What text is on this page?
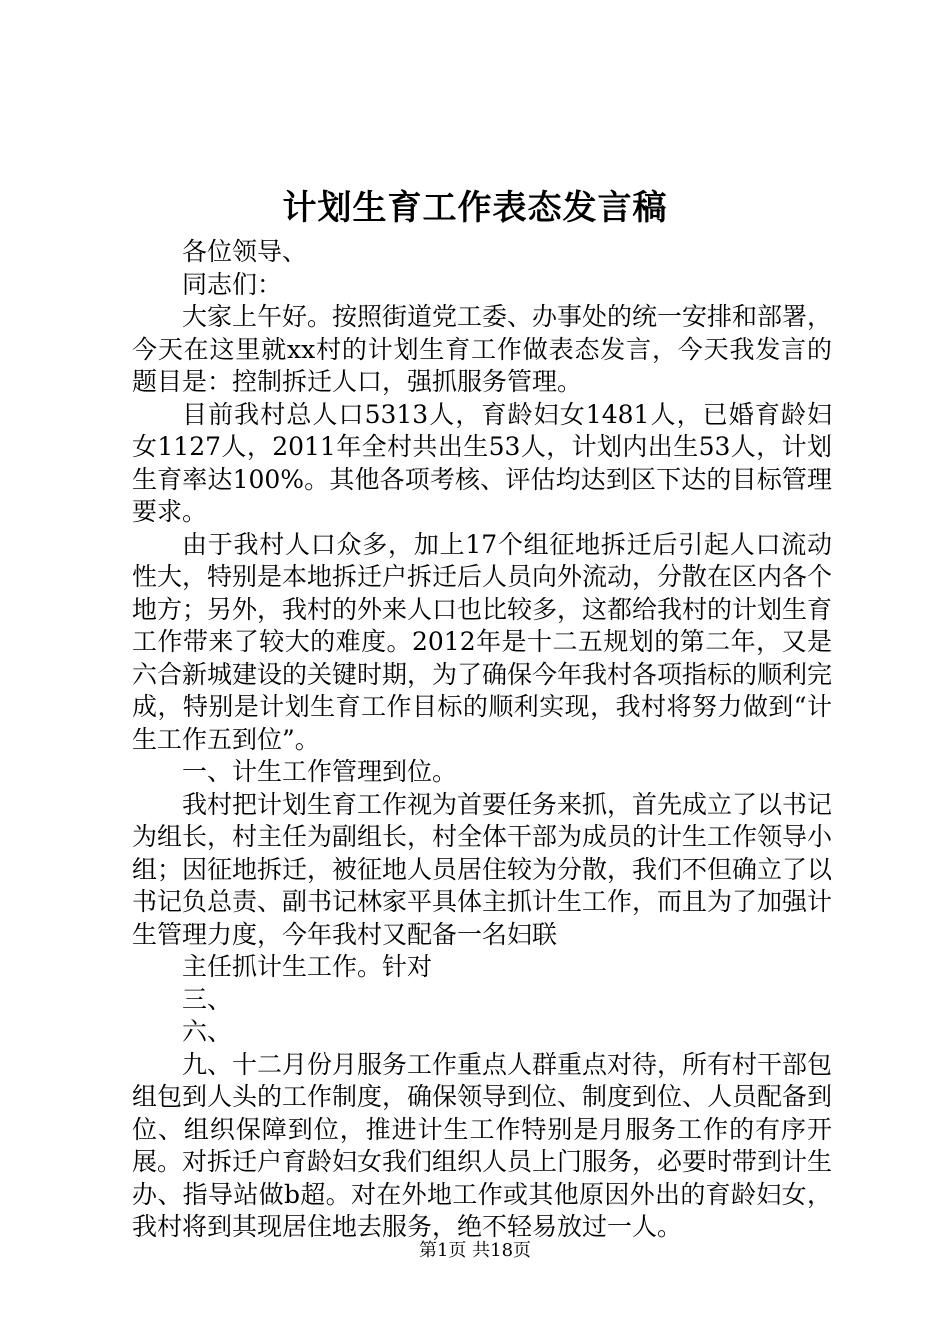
计划生育工作表态发言稿

各位领导、

同志们：

大家上午好。按照街道党工委、办事处的统一安排和部署，今天在这里就xx村的计划生育工作做表态发言，今天我发言的题目是：控制拆迁人口，强抓服务管理。

目前我村总人口5313人，育龄妇女1481人，已婚育龄妇女1127人，2011年全村共出生53人，计划内出生53人，计划生育率达100%。其他各项考核、评估均达到区下达的目标管理要求。

由于我村人口众多，加上17个组征地拆迁后引起人口流动性大，特别是本地拆迁户拆迁后人员向外流动，分散在区内各个地方；另外，我村的外来人口也比较多，这都给我村的计划生育工作带来了较大的难度。2012年是十二五规划的第二年，又是六合新城建设的关键时期，为了确保今年我村各项指标的顺利完成，特别是计划生育工作目标的顺利实现，我村将努力做到“计生工作五到位”。

一、计生工作管理到位。

我村把计划生育工作视为首要任务来抓，首先成立了以书记为组长，村主任为副组长，村全体干部为成员的计生工作领导小组；因征地拆迁，被征地人员居住较为分散，我们不但确立了以书记负总责、副书记林家平具体主抓计生工作，而且为了加强计生管理力度，今年我村又配备一名妇联

主任抓计生工作。针对

三、

六、

九、十二月份月服务工作重点人群重点对待，所有村干部包组包到人头的工作制度，确保领导到位、制度到位、人员配备到位、组织保障到位，推进计生工作特别是月服务工作的有序开展。对拆迁户育龄妇女我们组织人员上门服务，必要时带到计生办、指导站做b超。对在外地工作或其他原因外出的育龄妇女，我村将到其现居住地去服务，绝不轻易放过一人。

第1页 共18页
